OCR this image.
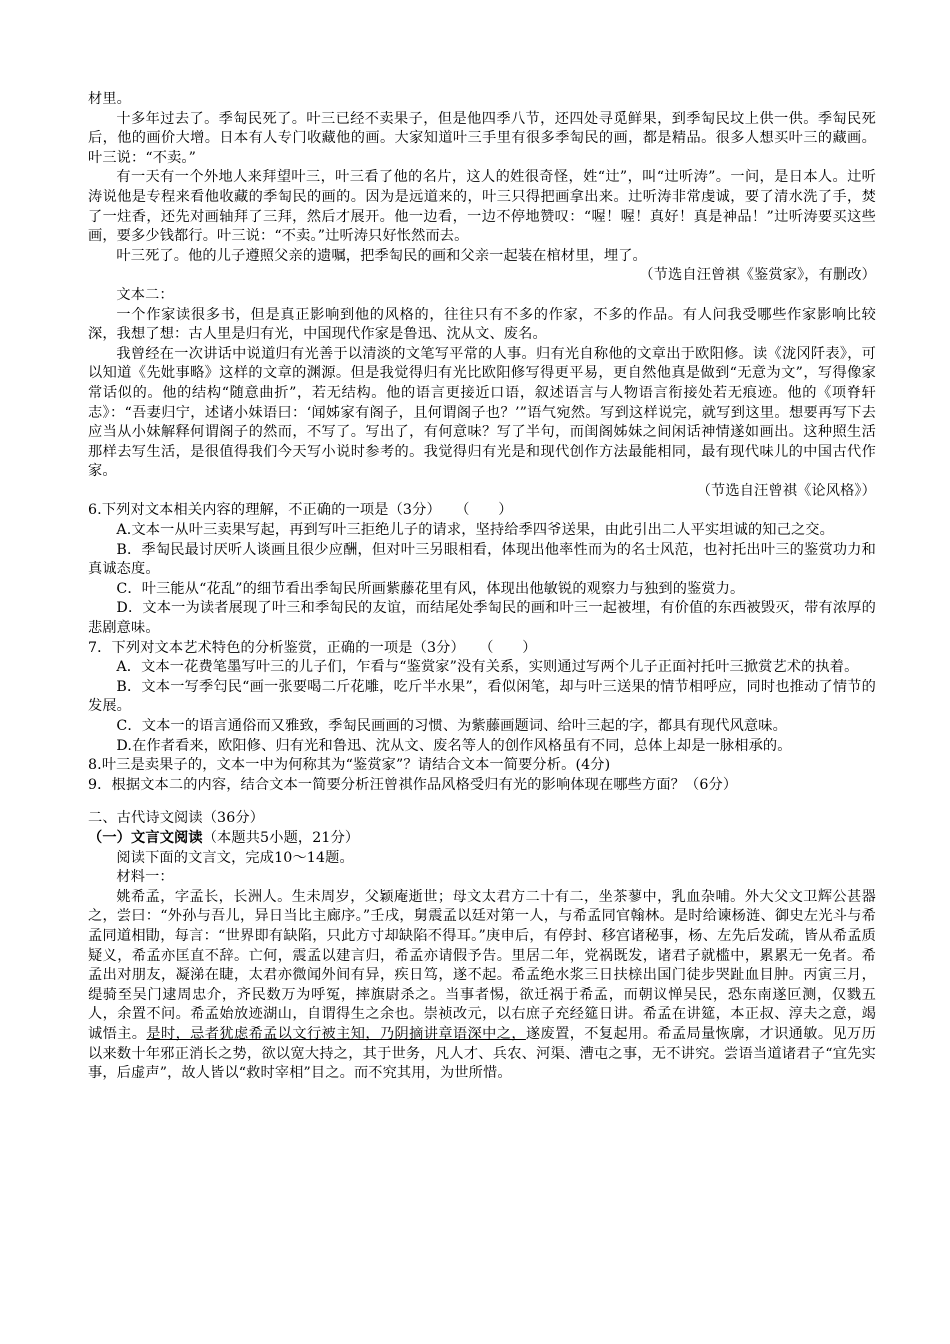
材里。

十多年过去了。季匋民死了。叶三已经不卖果子，但是他四季八节，还四处寻觅鲜果，到季匋民坟上供一供。季匋民死后，他的画价大增。日本有人专门收藏他的画。大家知道叶三手里有很多季匋民的画，都是精品。很多人想买叶三的藏画。叶三说：“不卖。”

有一天有一个外地人来拜望叶三，叶三看了他的名片，这人的姓很奇怪，姓“辻”，叫“辻听涛”。一问，是日本人。辻听涛说他是专程来看他收藏的季匋民的画的。因为是远道来的，叶三只得把画拿出来。辻听涛非常虔诚，要了清水洗了手，焚了一炷香，还先对画轴拜了三拜，然后才展开。他一边看，一边不停地赞叹：“喔！喔！真好！真是神品！”辻听涛要买这些画，要多少钱都行。叶三说：“不卖。”辻听涛只好怅然而去。

叶三死了。他的儿子遵照父亲的遗嘱，把季匋民的画和父亲一起装在棺材里，埋了。

（节选自汪曾祺《鉴赏家》，有删改）

文本二：

一个作家读很多书，但是真正影响到他的风格的，往往只有不多的作家，不多的作品。有人问我受哪些作家影响比较深，我想了想：古人里是归有光，中国现代作家是鲁迅、沈从文、废名。

我曾经在一次讲话中说道归有光善于以清淡的文笔写平常的人事。归有光自称他的文章出于欧阳修。读《泷冈阡表》，可以知道《先妣事略》这样的文章的渊源。但是我觉得归有光比欧阳修写得更平易，更自然他真是做到“无意为文”，写得像家常话似的。他的结构“随意曲折”，若无结构。他的语言更接近口语，叙述语言与人物语言衔接处若无痕迹。他的《项脊轩志》：“吾妻归宁，述诸小妹语曰：‘闻姊家有阁子，且何谓阁子也？’”语气宛然。写到这样说完，就写到这里。想要再写下去应当从小妹解释何谓阁子的然而，不写了。写出了，有何意味？写了半句，而闺阁姊妹之间闲话神情遂如画出。这种照生活那样去写生活，是很值得我们今天写小说时参考的。我觉得归有光是和现代创作方法最能相同，最有现代味儿的中国古代作家。

（节选自汪曾祺《论风格》）

6.下列对文本相关内容的理解，不正确的一项是（3分）　　（　　）

A.文本一从叶三卖果写起，再到写叶三拒绝儿子的请求，坚持给季四爷送果，由此引出二人平实坦诚的知己之交。

B．季匋民最讨厌听人谈画且很少应酬，但对叶三另眼相看，体现出他率性而为的名士风范，也衬托出叶三的鉴赏功力和真诚态度。

C．叶三能从“花乱”的细节看出季匋民所画紫藤花里有风，体现出他敏锐的观察力与独到的鉴赏力。

D．文本一为读者展现了叶三和季匋民的友谊，而结尾处季匋民的画和叶三一起被埋，有价值的东西被毁灭，带有浓厚的悲剧意味。

7．下列对文本艺术特色的分析鉴赏，正确的一项是（3分）　　（　　）

A．文本一花费笔墨写叶三的儿子们，乍看与“鉴赏家”没有关系，实则通过写两个儿子正面衬托叶三掀赏艺术的执着。

B．文本一写季匄民“画一张要喝二斤花雕，吃斤半水果”，看似闲笔，却与叶三送果的情节相呼应，同时也推动了情节的发展。

C．文本一的语言通俗而又雅致，季匋民画画的习惯、为紫藤画题词、给叶三起的字，都具有现代风意味。

D.在作者看来，欧阳修、归有光和鲁迅、沈从文、废名等人的创作风格虽有不同，总体上却是一脉相承的。

8.叶三是卖果子的，文本一中为何称其为“鉴赏家”？请结合文本一简要分析。(4分)

9．根据文本二的内容，结合文本一简要分析汪曾祺作品风格受归有光的影响体现在哪些方面？（6分）

二、古代诗文阅读（36分）

（一）文言文阅读（本题共5小题，21分）

阅读下面的文言文，完成10～14题。

材料一：

姚希孟，字孟长，长洲人。生未周岁，父颖庵逝世；母文太君方二十有二，坐茶蓼中，乳血杂哺。外大父文卫辉公甚器之，尝曰：“外孙与吾儿，异日当比主廊序。”壬戌，舅震孟以廷对第一人，与希孟同官翰林。是时给谏杨涟、御史左光斗与希孟同道相勖，每言：“世界即有缺陷，只此方寸却缺陷不得耳。”庚申后，有停封、移宫诸秘事，杨、左先后发疏，皆从希孟质疑义，希孟亦匡直不辞。亡何，震孟以建言归，希孟亦请假予告。里居二年，党祸既发，诸君子就槛中，累累无一免者。希孟出对朋友，凝涕在睫，太君亦微闻外间有异，疾日笃，遂不起。希孟绝水浆三日扶榇出国门徒步哭趾血目肿。丙寅三月，缇骑至吴门逮周忠介，齐民数万为呼冤，摔旗尉杀之。当事者惕，欲迁祸于希孟，而朝议惮吴民，恐东南遂叵测，仅戮五人，余置不问。希孟始放迹湖山，自谓得生之余也。崇祯改元，以右庶子充经筵日讲。希孟在讲筵，本正叔、淳夫之意，竭诚悟主。是时，忌者犹虑希孟以文行被主知，乃阴摘讲章语深中之，遂废置，不复起用。希孟局量恢廓，才识通敏。见万历以来数十年邪正消长之势，欲以宽大持之，其于世务，凡人才、兵农、河渠、漕屯之事，无不讲究。尝语当道诸君子“宜先实事，后虚声”，故人皆以“救时宰相”目之。而不究其用，为世所惜。
